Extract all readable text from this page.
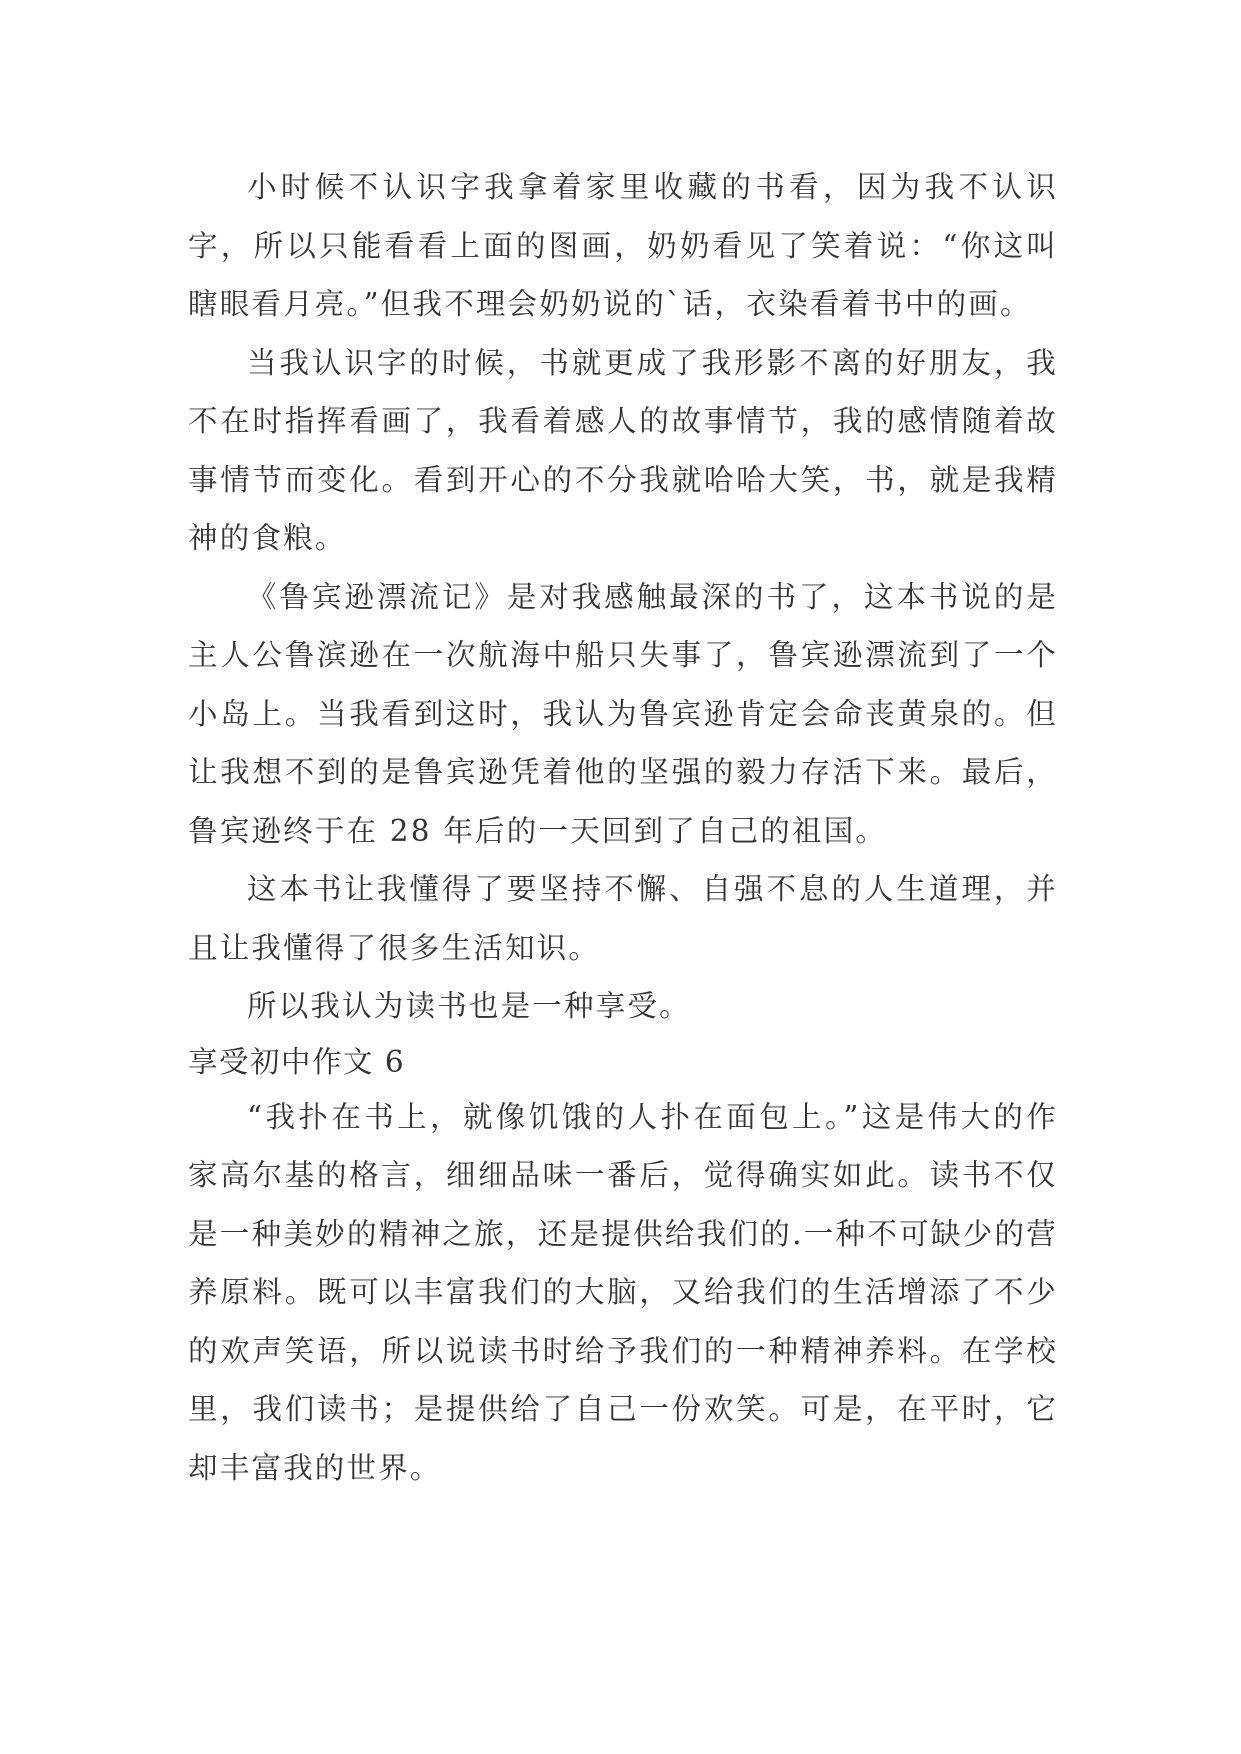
小时候不认识字我拿着家里收藏的书看，因为我不认识字，所以只能看看上面的图画，奶奶看见了笑着说：“你这叫瞎眼看月亮。”但我不理会奶奶说的`话，衣染看着书中的画。

当我认识字的时候，书就更成了我形影不离的好朋友，我不在时指挥看画了，我看着感人的故事情节，我的感情随着故事情节而变化。看到开心的不分我就哈哈大笑，书，就是我精神的食粮。

《鲁宾逊漂流记》是对我感触最深的书了，这本书说的是主人公鲁滨逊在一次航海中船只失事了，鲁宾逊漂流到了一个小岛上。当我看到这时，我认为鲁宾逊肯定会命丧黄泉的。但让我想不到的是鲁宾逊凭着他的坚强的毅力存活下来。最后，鲁宾逊终于在 28 年后的一天回到了自己的祖国。

这本书让我懂得了要坚持不懈、自强不息的人生道理，并且让我懂得了很多生活知识。

所以我认为读书也是一种享受。

享受初中作文 6

“我扑在书上，就像饥饿的人扑在面包上。”这是伟大的作家高尔基的格言，细细品味一番后，觉得确实如此。读书不仅是一种美妙的精神之旅，还是提供给我们的.一种不可缺少的营养原料。既可以丰富我们的大脑，又给我们的生活增添了不少的欢声笑语，所以说读书时给予我们的一种精神养料。在学校里，我们读书；是提供给了自己一份欢笑。可是，在平时，它却丰富我的世界。
